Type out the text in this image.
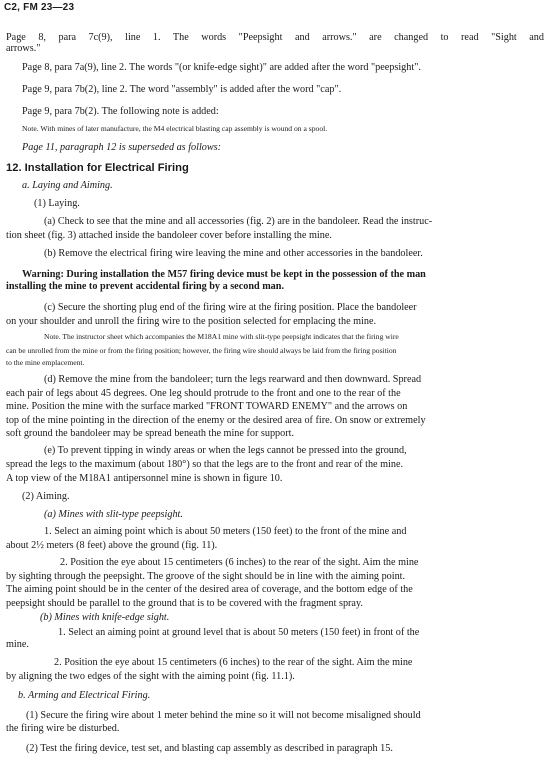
C2, FM 23—23
Page 8, para 7c(9), line 1. The words "Peepsight and arrows." are changed to read "Sight and
arrows."
Page 8, para 7a(9), line 2. The words "(or knife-edge sight)" are added after the word "peepsight".
Page 9, para 7b(2), line 2. The word "assembly" is added after the word "cap".
Page 9, para 7b(2). The following note is added:
Note. With mines of later manufacture, the M4 electrical blasting cap assembly is wound on a spool.
Page 11, paragraph 12 is superseded as follows:
12. Installation for Electrical Firing
a. Laying and Aiming.
(1) Laying.
(a) Check to see that the mine and all accessories (fig. 2) are in the bandoleer. Read the instruc-
tion sheet (fig. 3) attached inside the bandoleer cover before installing the mine.
(b) Remove the electrical firing wire leaving the mine and other accessories in the bandoleer.
Warning: During installation the M57 firing device must be kept in the possession of the man
installing the mine to prevent accidental firing by a second man.
(c) Secure the shorting plug end of the firing wire at the firing position. Place the bandoleer
on your shoulder and unroll the firing wire to the position selected for emplacing the mine.
Note. The instructor sheet which accompanies the M18A1 mine with slit-type peepsight indicates that the firing wire
can be unrolled from the mine or from the firing position; however, the firing wire should always be laid from the firing position
to the mine emplacement.
(d) Remove the mine from the bandoleer; turn the legs rearward and then downward. Spread
each pair of legs about 45 degrees. One leg should protrude to the front and one to the rear of the
mine. Position the mine with the surface marked "FRONT TOWARD ENEMY" and the arrows on
top of the mine pointing in the direction of the enemy or the desired area of fire. On snow or extremely
soft ground the bandoleer may be spread beneath the mine for support.
(e) To prevent tipping in windy areas or when the legs cannot be pressed into the ground,
spread the legs to the maximum (about 180°) so that the legs are to the front and rear of the mine.
A top view of the M18A1 antipersonnel mine is shown in figure 10.
(2) Aiming.
(a) Mines with slit-type peepsight.
1. Select an aiming point which is about 50 meters (150 feet) to the front of the mine and
about 2½ meters (8 feet) above the ground (fig. 11).
2. Position the eye about 15 centimeters (6 inches) to the rear of the sight. Aim the mine
by sighting through the peepsight. The groove of the sight should be in line with the aiming point.
The aiming point should be in the center of the desired area of coverage, and the bottom edge of the
peepsight should be parallel to the ground that is to be covered with the fragment spray.
(b) Mines with knife-edge sight.
1. Select an aiming point at ground level that is about 50 meters (150 feet) in front of the
mine.
2. Position the eye about 15 centimeters (6 inches) to the rear of the sight. Aim the mine
by aligning the two edges of the sight with the aiming point (fig. 11.1).
b. Arming and Electrical Firing.
(1) Secure the firing wire about 1 meter behind the mine so it will not become misaligned should
the firing wire be disturbed.
(2) Test the firing device, test set, and blasting cap assembly as described in paragraph 15.
